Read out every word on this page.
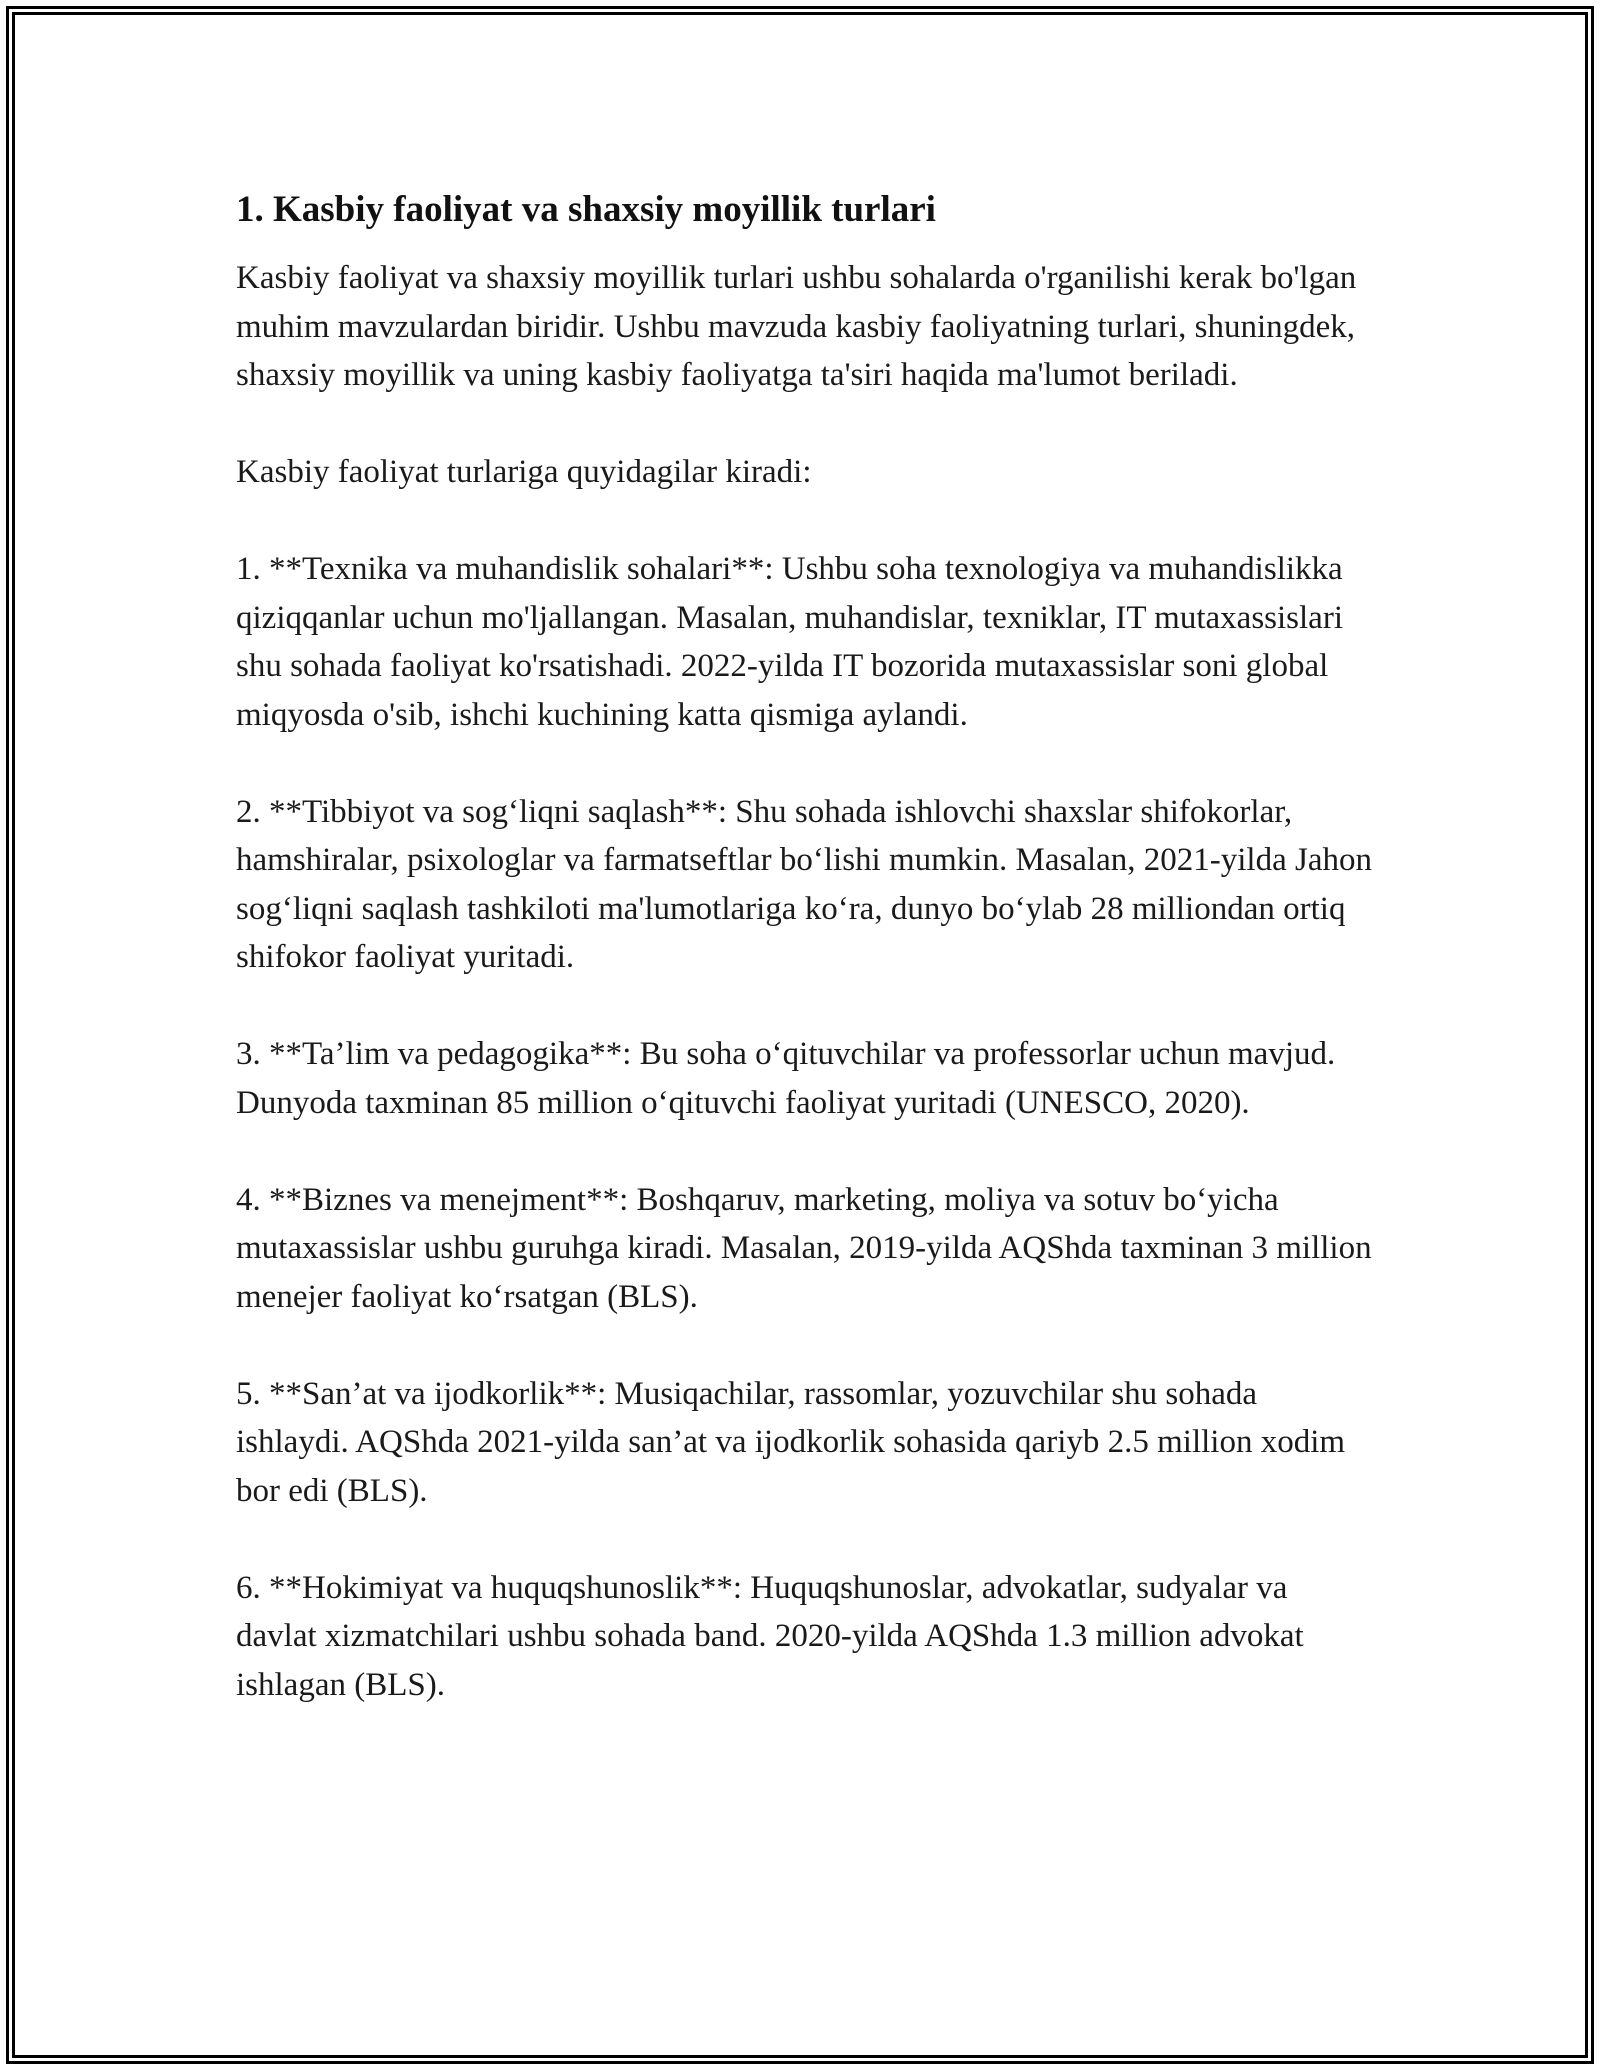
1. Kasbiy faoliyat va shaxsiy moyillik turlari

Kasbiy faoliyat va shaxsiy moyillik turlari ushbu sohalarda o'rganilishi kerak bo'lgan muhim mavzulardan biridir. Ushbu mavzuda kasbiy faoliyatning turlari, shuningdek, shaxsiy moyillik va uning kasbiy faoliyatga ta'siri haqida ma'lumot beriladi.

Kasbiy faoliyat turlariga quyidagilar kiradi:

1. **Texnika va muhandislik sohalari**: Ushbu soha texnologiya va muhandislikka qiziqqanlar uchun mo'ljallangan. Masalan, muhandislar, texniklar, IT mutaxassislari shu sohada faoliyat ko'rsatishadi. 2022-yilda IT bozorida mutaxassislar soni global miqyosda o'sib, ishchi kuchining katta qismiga aylandi.

2. **Tibbiyot va sog‘liqni saqlash**: Shu sohada ishlovchi shaxslar shifokorlar, hamshiralar, psixologlar va farmatseftlar bo‘lishi mumkin. Masalan, 2021-yilda Jahon sog‘liqni saqlash tashkiloti ma'lumotlariga ko‘ra, dunyo bo‘ylab 28 milliondan ortiq shifokor faoliyat yuritadi.

3. **Ta’lim va pedagogika**: Bu soha o‘qituvchilar va professorlar uchun mavjud. Dunyoda taxminan 85 million o‘qituvchi faoliyat yuritadi (UNESCO, 2020).

4. **Biznes va menejment**: Boshqaruv, marketing, moliya va sotuv bo‘yicha mutaxassislar ushbu guruhga kiradi. Masalan, 2019-yilda AQShda taxminan 3 million menejer faoliyat ko‘rsatgan (BLS).

5. **San’at va ijodkorlik**: Musiqachilar, rassomlar, yozuvchilar shu sohada ishlaydi. AQShda 2021-yilda san’at va ijodkorlik sohasida qariyb 2.5 million xodim bor edi (BLS).

6. **Hokimiyat va huquqshunoslik**: Huquqshunoslar, advokatlar, sudyalar va davlat xizmatchilari ushbu sohada band. 2020-yilda AQShda 1.3 million advokat ishlagan (BLS).
